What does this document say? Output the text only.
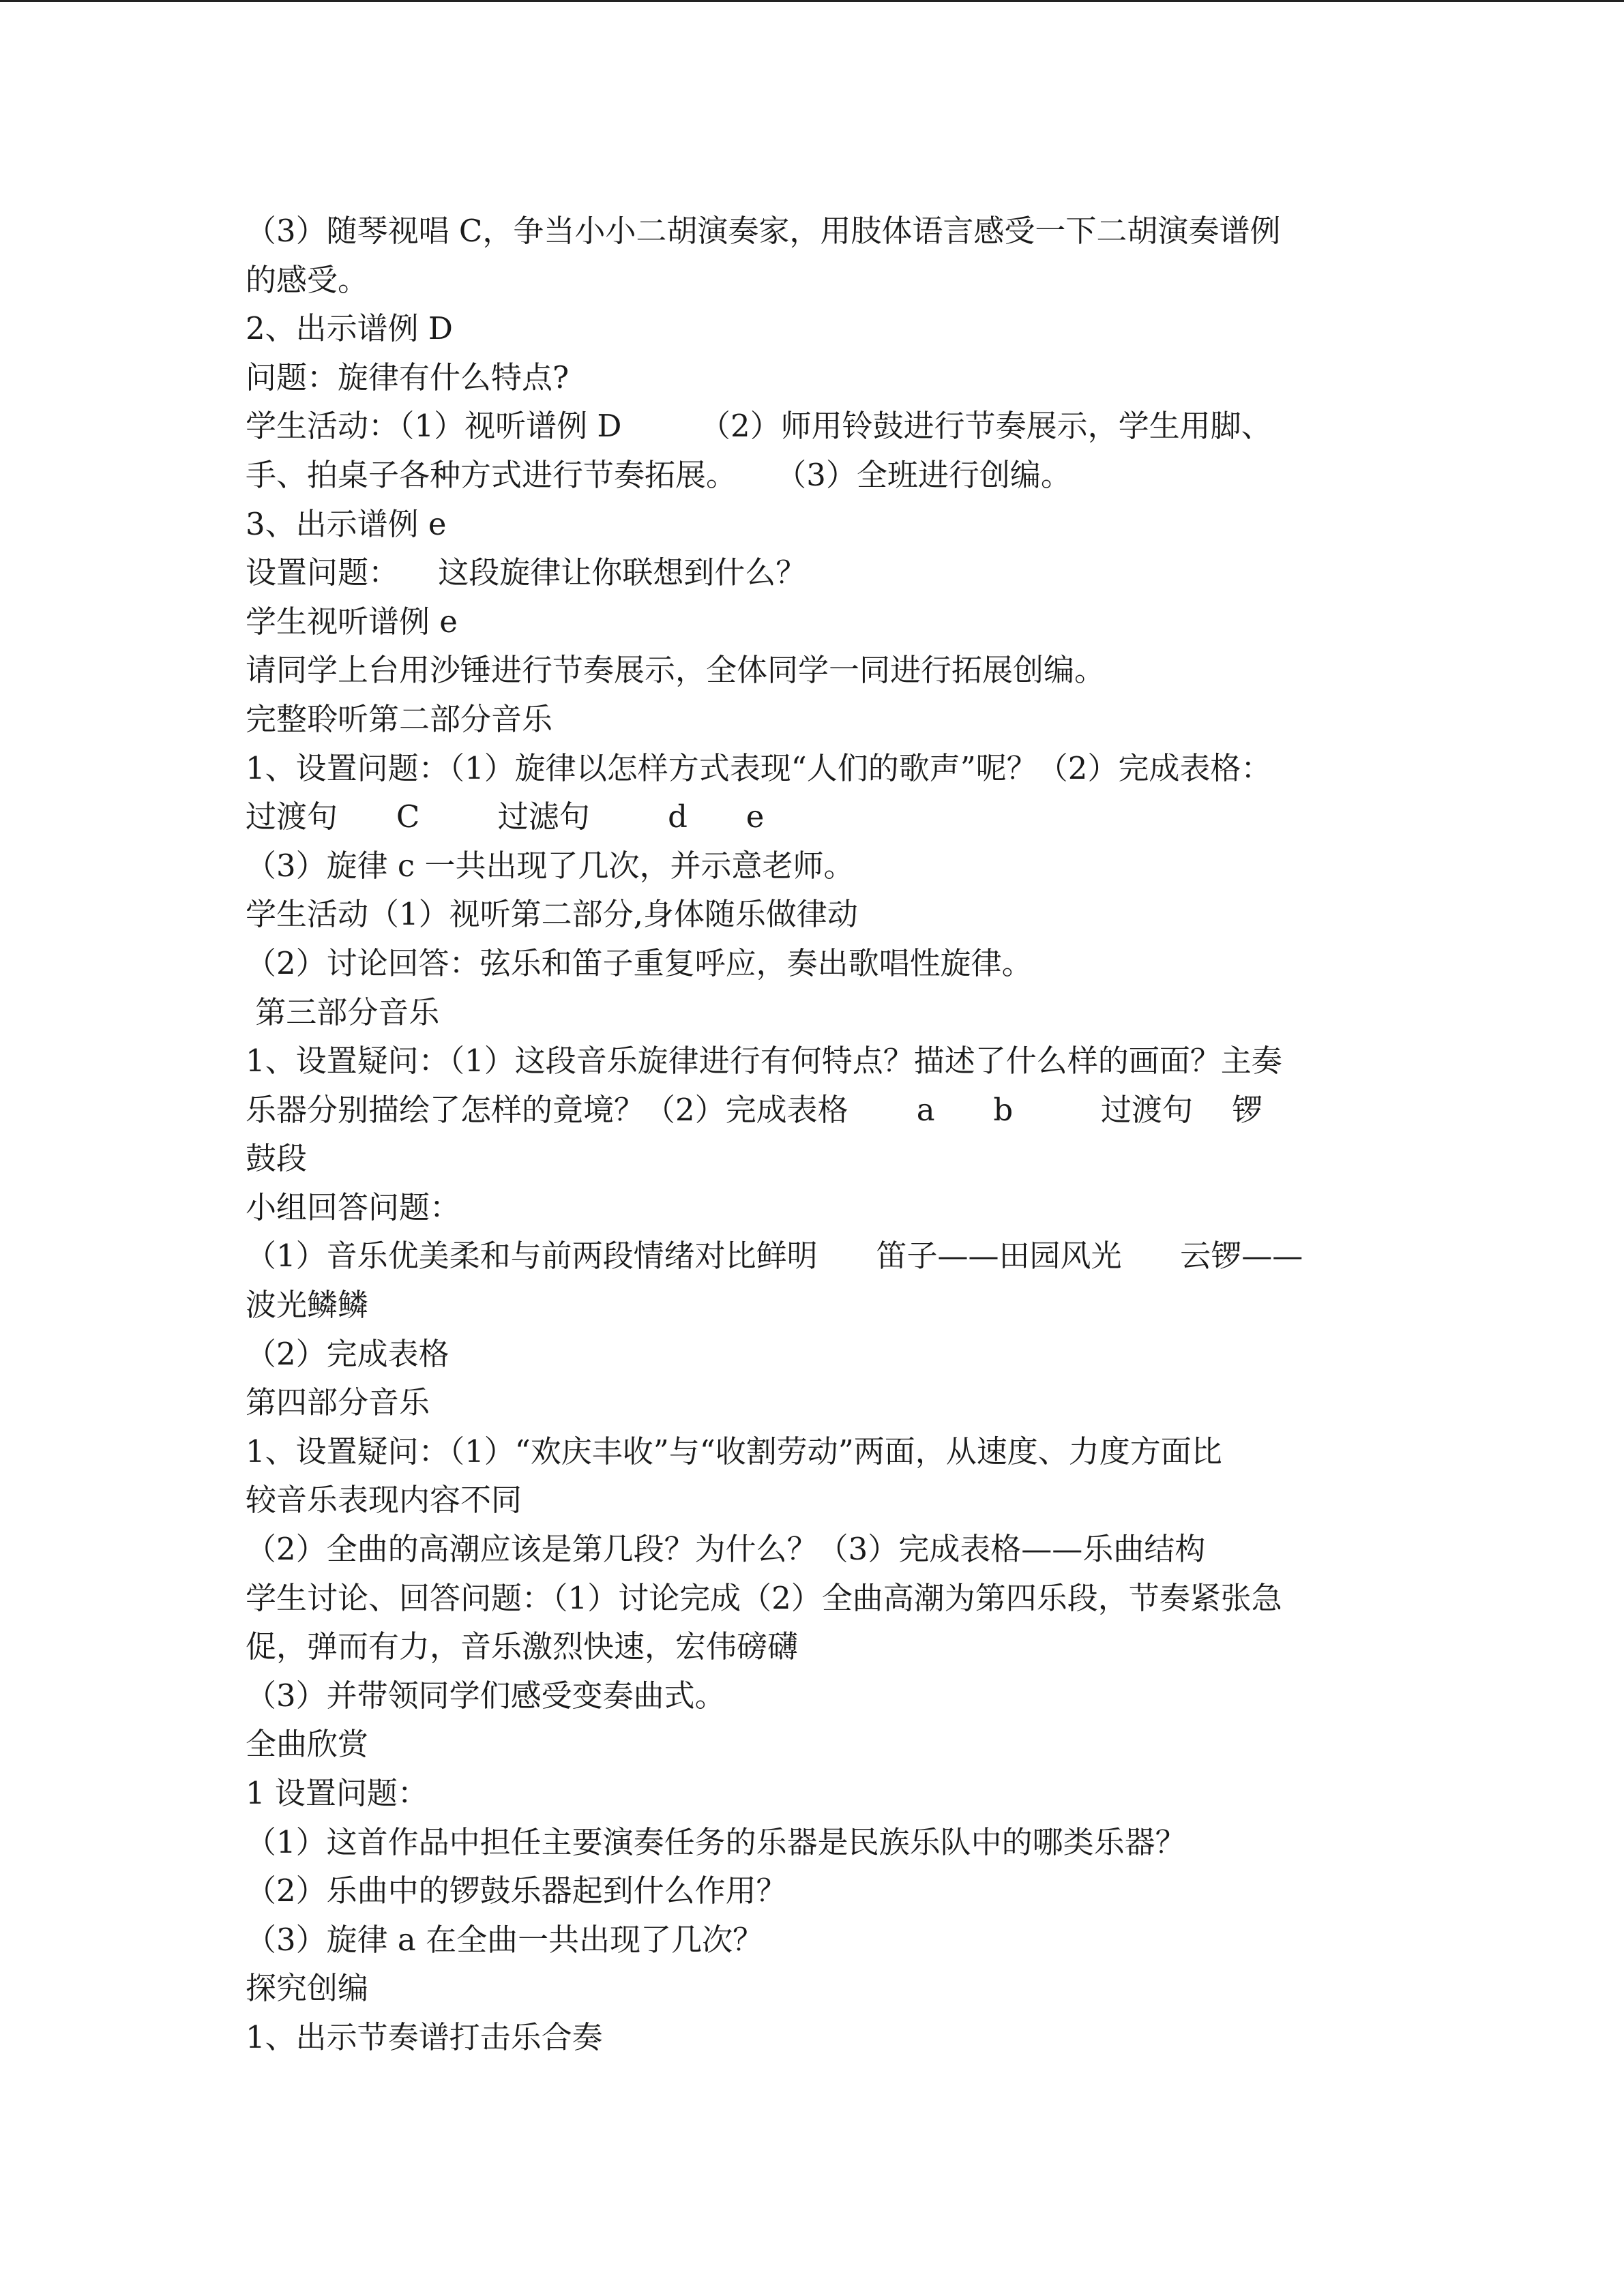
（3）随琴视唱 C，争当小小二胡演奏家，用肢体语言感受一下二胡演奏谱例
的感受。
2、出示谱例 D
问题：旋律有什么特点?
学生活动：（1）视听谱例 D        （2）师用铃鼓进行节奏展示，学生用脚、
手、拍桌子各种方式进行节奏拓展。    （3）全班进行创编。
3、出示谱例 e
设置问题：    这段旋律让你联想到什么？
学生视听谱例 e
请同学上台用沙锤进行节奏展示，全体同学一同进行拓展创编。
完整聆听第二部分音乐
1、设置问题：（1）旋律以怎样方式表现“人们的歌声”呢？（2）完成表格：
过渡句      C        过滤句        d      e
（3）旋律 c 一共出现了几次，并示意老师。
学生活动（1）视听第二部分,身体随乐做律动
（2）讨论回答：弦乐和笛子重复呼应，奏出歌唱性旋律。
第三部分音乐
1、设置疑问：（1）这段音乐旋律进行有何特点？描述了什么样的画面？主奏
乐器分别描绘了怎样的竟境？（2）完成表格       a      b         过渡句    锣
鼓段
小组回答问题：
（1）音乐优美柔和与前两段情绪对比鲜明      笛子——田园风光      云锣——
波光鳞鳞
（2）完成表格
第四部分音乐
1、设置疑问：（1）“欢庆丰收”与“收割劳动”两面，从速度、力度方面比
较音乐表现内容不同
（2）全曲的高潮应该是第几段？为什么？（3）完成表格——乐曲结构
学生讨论、回答问题：（1）讨论完成（2）全曲高潮为第四乐段，节奏紧张急
促，弹而有力，音乐激烈快速，宏伟磅礴
（3）并带领同学们感受变奏曲式。
全曲欣赏
1 设置问题：
（1）这首作品中担任主要演奏任务的乐器是民族乐队中的哪类乐器？
（2）乐曲中的锣鼓乐器起到什么作用？
（3）旋律 a 在全曲一共出现了几次？
探究创编
1、出示节奏谱打击乐合奏
